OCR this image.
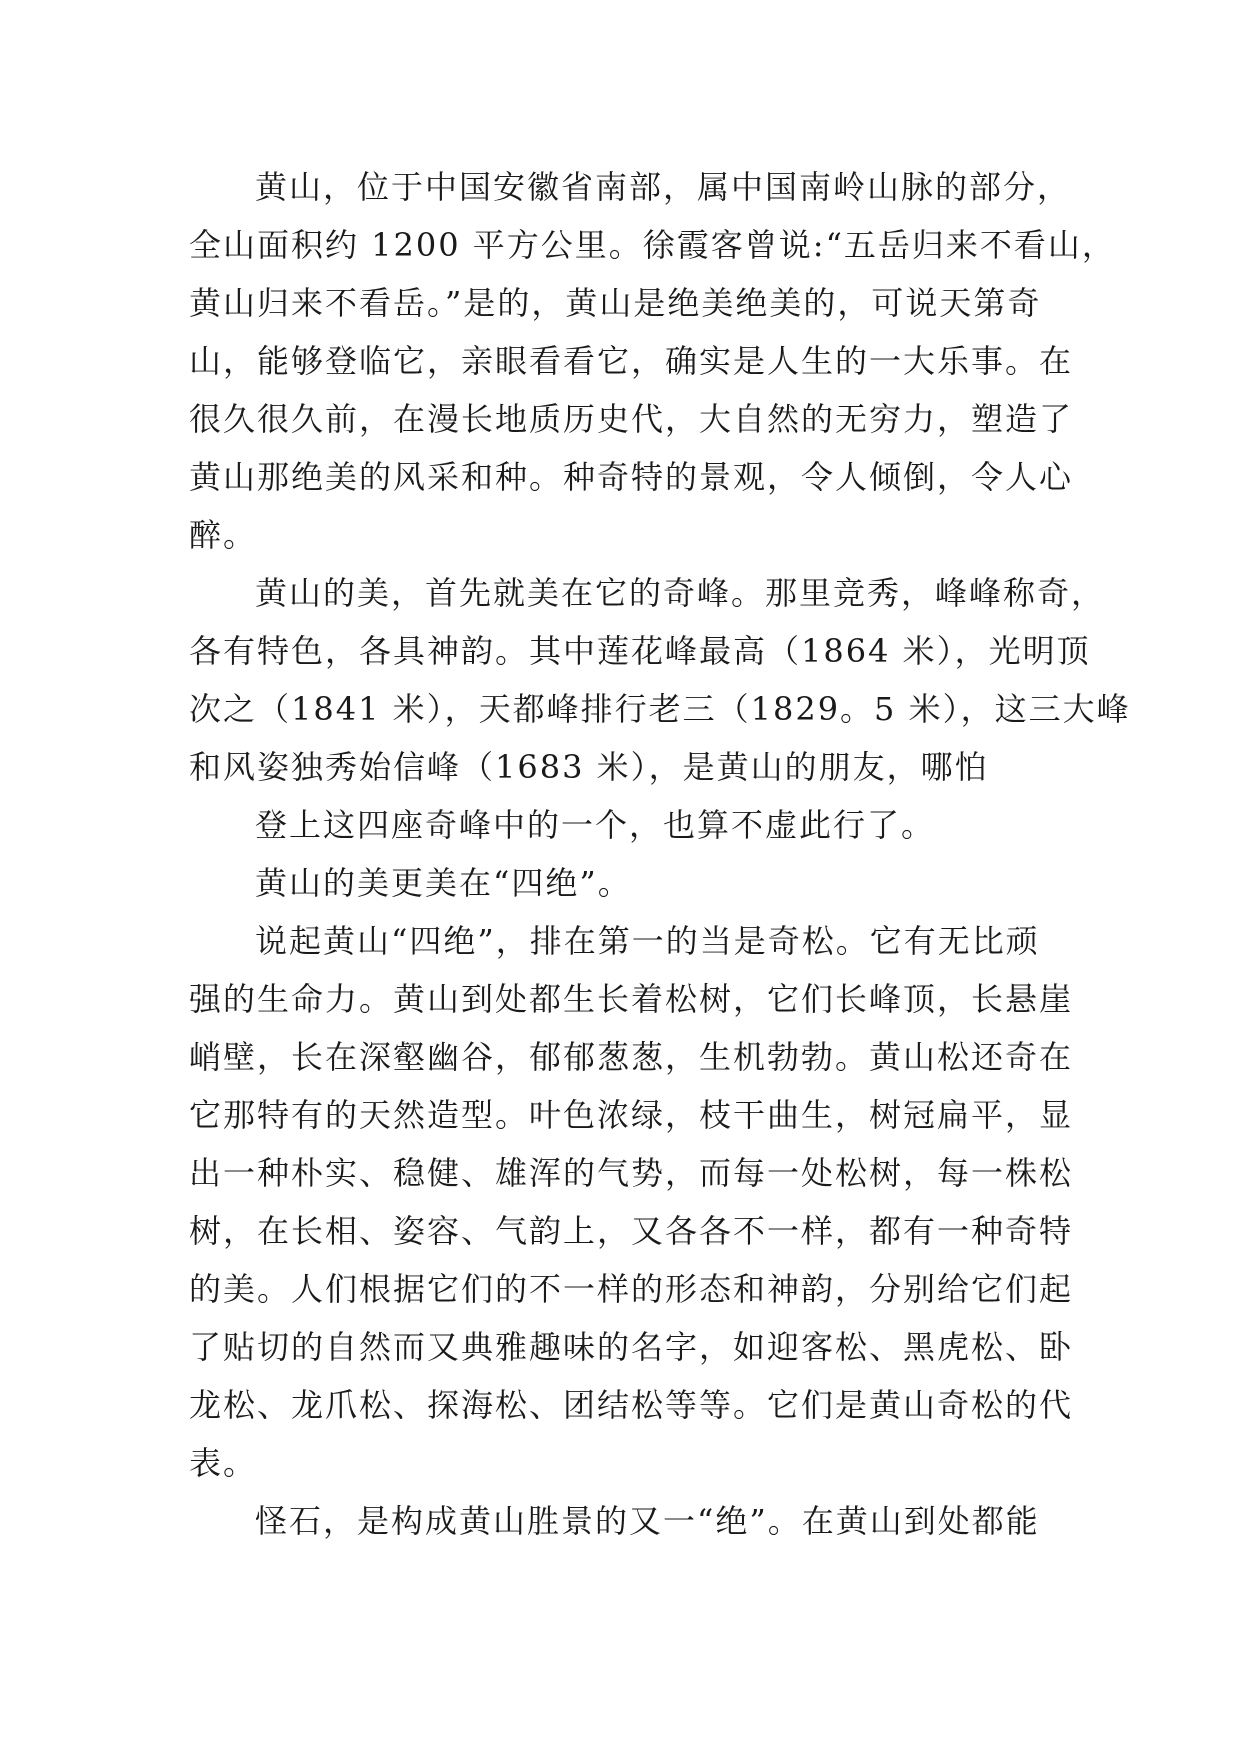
黄山，位于中国安徽省南部，属中国南岭山脉的部分，
全山面积约 1200 平方公里。徐霞客曾说:“五岳归来不看山，
黄山归来不看岳。”是的，黄山是绝美绝美的，可说天第奇
山，能够登临它，亲眼看看它，确实是人生的一大乐事。在
很久很久前，在漫长地质历史代，大自然的无穷力，塑造了
黄山那绝美的风采和种。种奇特的景观，令人倾倒，令人心
醉。
黄山的美，首先就美在它的奇峰。那里竞秀，峰峰称奇，
各有特色，各具神韵。其中莲花峰最高（1864 米），光明顶
次之（1841 米），天都峰排行老三（1829。5 米），这三大峰
和风姿独秀始信峰（1683 米），是黄山的朋友，哪怕
登上这四座奇峰中的一个，也算不虚此行了。
黄山的美更美在“四绝”。
说起黄山“四绝”，排在第一的当是奇松。它有无比顽
强的生命力。黄山到处都生长着松树，它们长峰顶，长悬崖
峭壁，长在深壑幽谷，郁郁葱葱，生机勃勃。黄山松还奇在
它那特有的天然造型。叶色浓绿，枝干曲生，树冠扁平，显
出一种朴实、稳健、雄浑的气势，而每一处松树，每一株松
树，在长相、姿容、气韵上，又各各不一样，都有一种奇特
的美。人们根据它们的不一样的形态和神韵，分别给它们起
了贴切的自然而又典雅趣味的名字，如迎客松、黑虎松、卧
龙松、龙爪松、探海松、团结松等等。它们是黄山奇松的代
表。
怪石，是构成黄山胜景的又一“绝”。在黄山到处都能
